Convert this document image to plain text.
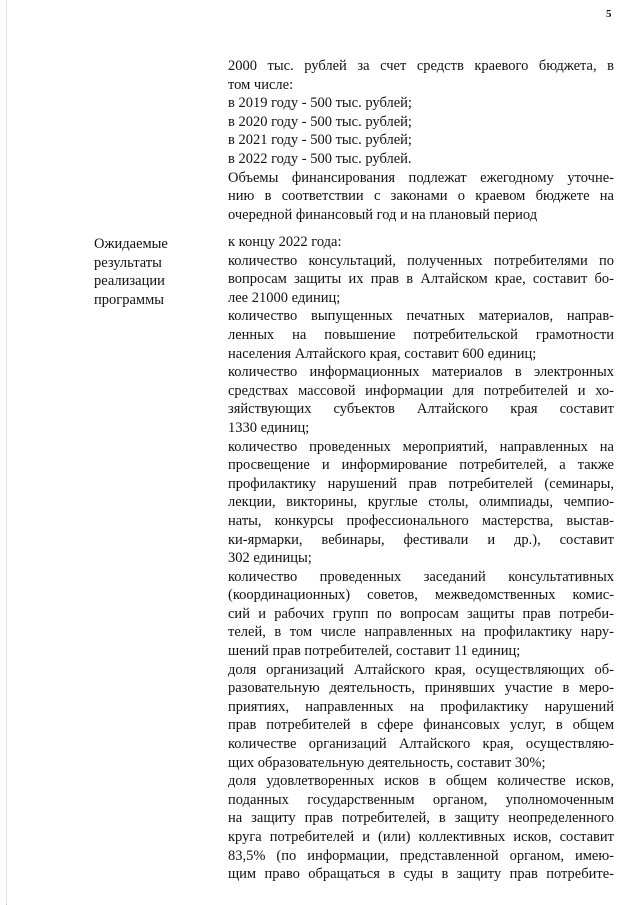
5
2000 тыс. рублей за счет средств краевого бюджета, в
том числе:
в 2019 году - 500 тыс. рублей;
в 2020 году - 500 тыс. рублей;
в 2021 году - 500 тыс. рублей;
в 2022 году - 500 тыс. рублей.
Объемы финансирования подлежат ежегодному уточне-
нию в соответствии с законами о краевом бюджете на
очередной финансовый год и на плановый период
Ожидаемые
результаты
реализации
программы
к концу 2022 года:
количество консультаций, полученных потребителями по
вопросам защиты их прав в Алтайском крае, составит бо-
лее 21000 единиц;
количество выпущенных печатных материалов, направ-
ленных на повышение потребительской грамотности
населения Алтайского края, составит 600 единиц;
количество информационных материалов в электронных
средствах массовой информации для потребителей и хо-
зяйствующих субъектов Алтайского края составит
1330 единиц;
количество проведенных мероприятий, направленных на
просвещение и информирование потребителей, а также
профилактику нарушений прав потребителей (семинары,
лекции, викторины, круглые столы, олимпиады, чемпио-
наты, конкурсы профессионального мастерства, выстав-
ки-ярмарки, вебинары, фестивали и др.), составит
302 единицы;
количество проведенных заседаний консультативных
(координационных) советов, межведомственных комис-
сий и рабочих групп по вопросам защиты прав потреби-
телей, в том числе направленных на профилактику нару-
шений прав потребителей, составит 11 единиц;
доля организаций Алтайского края, осуществляющих об-
разовательную деятельность, принявших участие в меро-
приятиях, направленных на профилактику нарушений
прав потребителей в сфере финансовых услуг, в общем
количестве организаций Алтайского края, осуществляю-
щих образовательную деятельность, составит 30%;
доля удовлетворенных исков в общем количестве исков,
поданных государственным органом, уполномоченным
на защиту прав потребителей, в защиту неопределенного
круга потребителей и (или) коллективных исков, составит
83,5% (по информации, представленной органом, имею-
щим право обращаться в суды в защиту прав потребите-
